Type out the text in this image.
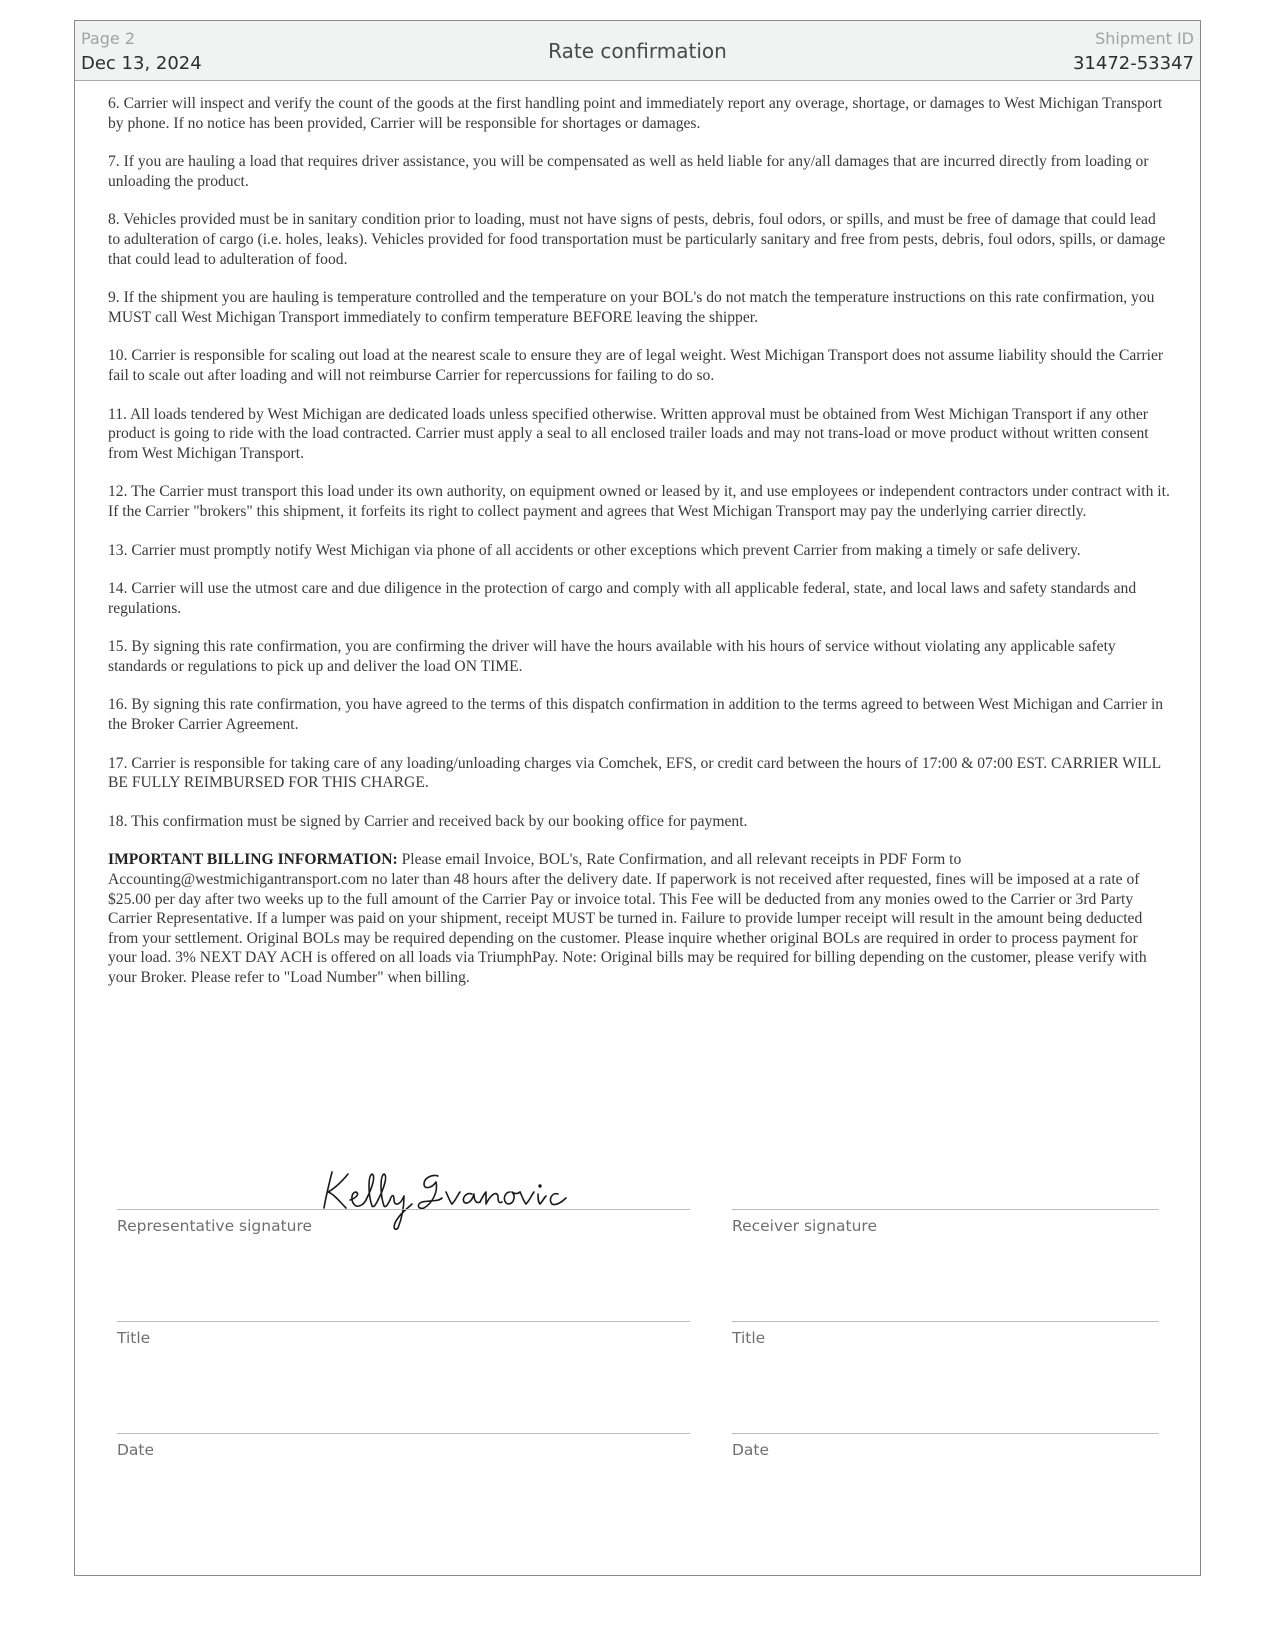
Page 2
Dec 13, 2024
Rate confirmation
Shipment ID
31472-53347

6. Carrier will inspect and verify the count of the goods at the first handling point and immediately report any overage, shortage, or damages to West Michigan Transport by phone. If no notice has been provided, Carrier will be responsible for shortages or damages.

7. If you are hauling a load that requires driver assistance, you will be compensated as well as held liable for any/all damages that are incurred directly from loading or unloading the product.

8. Vehicles provided must be in sanitary condition prior to loading, must not have signs of pests, debris, foul odors, or spills, and must be free of damage that could lead to adulteration of cargo (i.e. holes, leaks). Vehicles provided for food transportation must be particularly sanitary and free from pests, debris, foul odors, spills, or damage that could lead to adulteration of food.

9. If the shipment you are hauling is temperature controlled and the temperature on your BOL's do not match the temperature instructions on this rate confirmation, you MUST call West Michigan Transport immediately to confirm temperature BEFORE leaving the shipper.

10. Carrier is responsible for scaling out load at the nearest scale to ensure they are of legal weight. West Michigan Transport does not assume liability should the Carrier fail to scale out after loading and will not reimburse Carrier for repercussions for failing to do so.

11. All loads tendered by West Michigan are dedicated loads unless specified otherwise. Written approval must be obtained from West Michigan Transport if any other product is going to ride with the load contracted. Carrier must apply a seal to all enclosed trailer loads and may not trans-load or move product without written consent from West Michigan Transport.

12. The Carrier must transport this load under its own authority, on equipment owned or leased by it, and use employees or independent contractors under contract with it. If the Carrier "brokers" this shipment, it forfeits its right to collect payment and agrees that West Michigan Transport may pay the underlying carrier directly.

13. Carrier must promptly notify West Michigan via phone of all accidents or other exceptions which prevent Carrier from making a timely or safe delivery.

14. Carrier will use the utmost care and due diligence in the protection of cargo and comply with all applicable federal, state, and local laws and safety standards and regulations.

15. By signing this rate confirmation, you are confirming the driver will have the hours available with his hours of service without violating any applicable safety standards or regulations to pick up and deliver the load ON TIME.

16. By signing this rate confirmation, you have agreed to the terms of this dispatch confirmation in addition to the terms agreed to between West Michigan and Carrier in the Broker Carrier Agreement.

17. Carrier is responsible for taking care of any loading/unloading charges via Comchek, EFS, or credit card between the hours of 17:00 & 07:00 EST. CARRIER WILL BE FULLY REIMBURSED FOR THIS CHARGE.

18. This confirmation must be signed by Carrier and received back by our booking office for payment.

IMPORTANT BILLING INFORMATION: Please email Invoice, BOL's, Rate Confirmation, and all relevant receipts in PDF Form to Accounting@westmichigantransport.com no later than 48 hours after the delivery date. If paperwork is not received after requested, fines will be imposed at a rate of $25.00 per day after two weeks up to the full amount of the Carrier Pay or invoice total. This Fee will be deducted from any monies owed to the Carrier or 3rd Party Carrier Representative. If a lumper was paid on your shipment, receipt MUST be turned in. Failure to provide lumper receipt will result in the amount being deducted from your settlement. Original BOLs may be required depending on the customer. Please inquire whether original BOLs are required in order to process payment for your load. 3% NEXT DAY ACH is offered on all loads via TriumphPay. Note: Original bills may be required for billing depending on the customer, please verify with your Broker. Please refer to "Load Number" when billing.

Representative signature
Title
Date
Receiver signature
Title
Date
